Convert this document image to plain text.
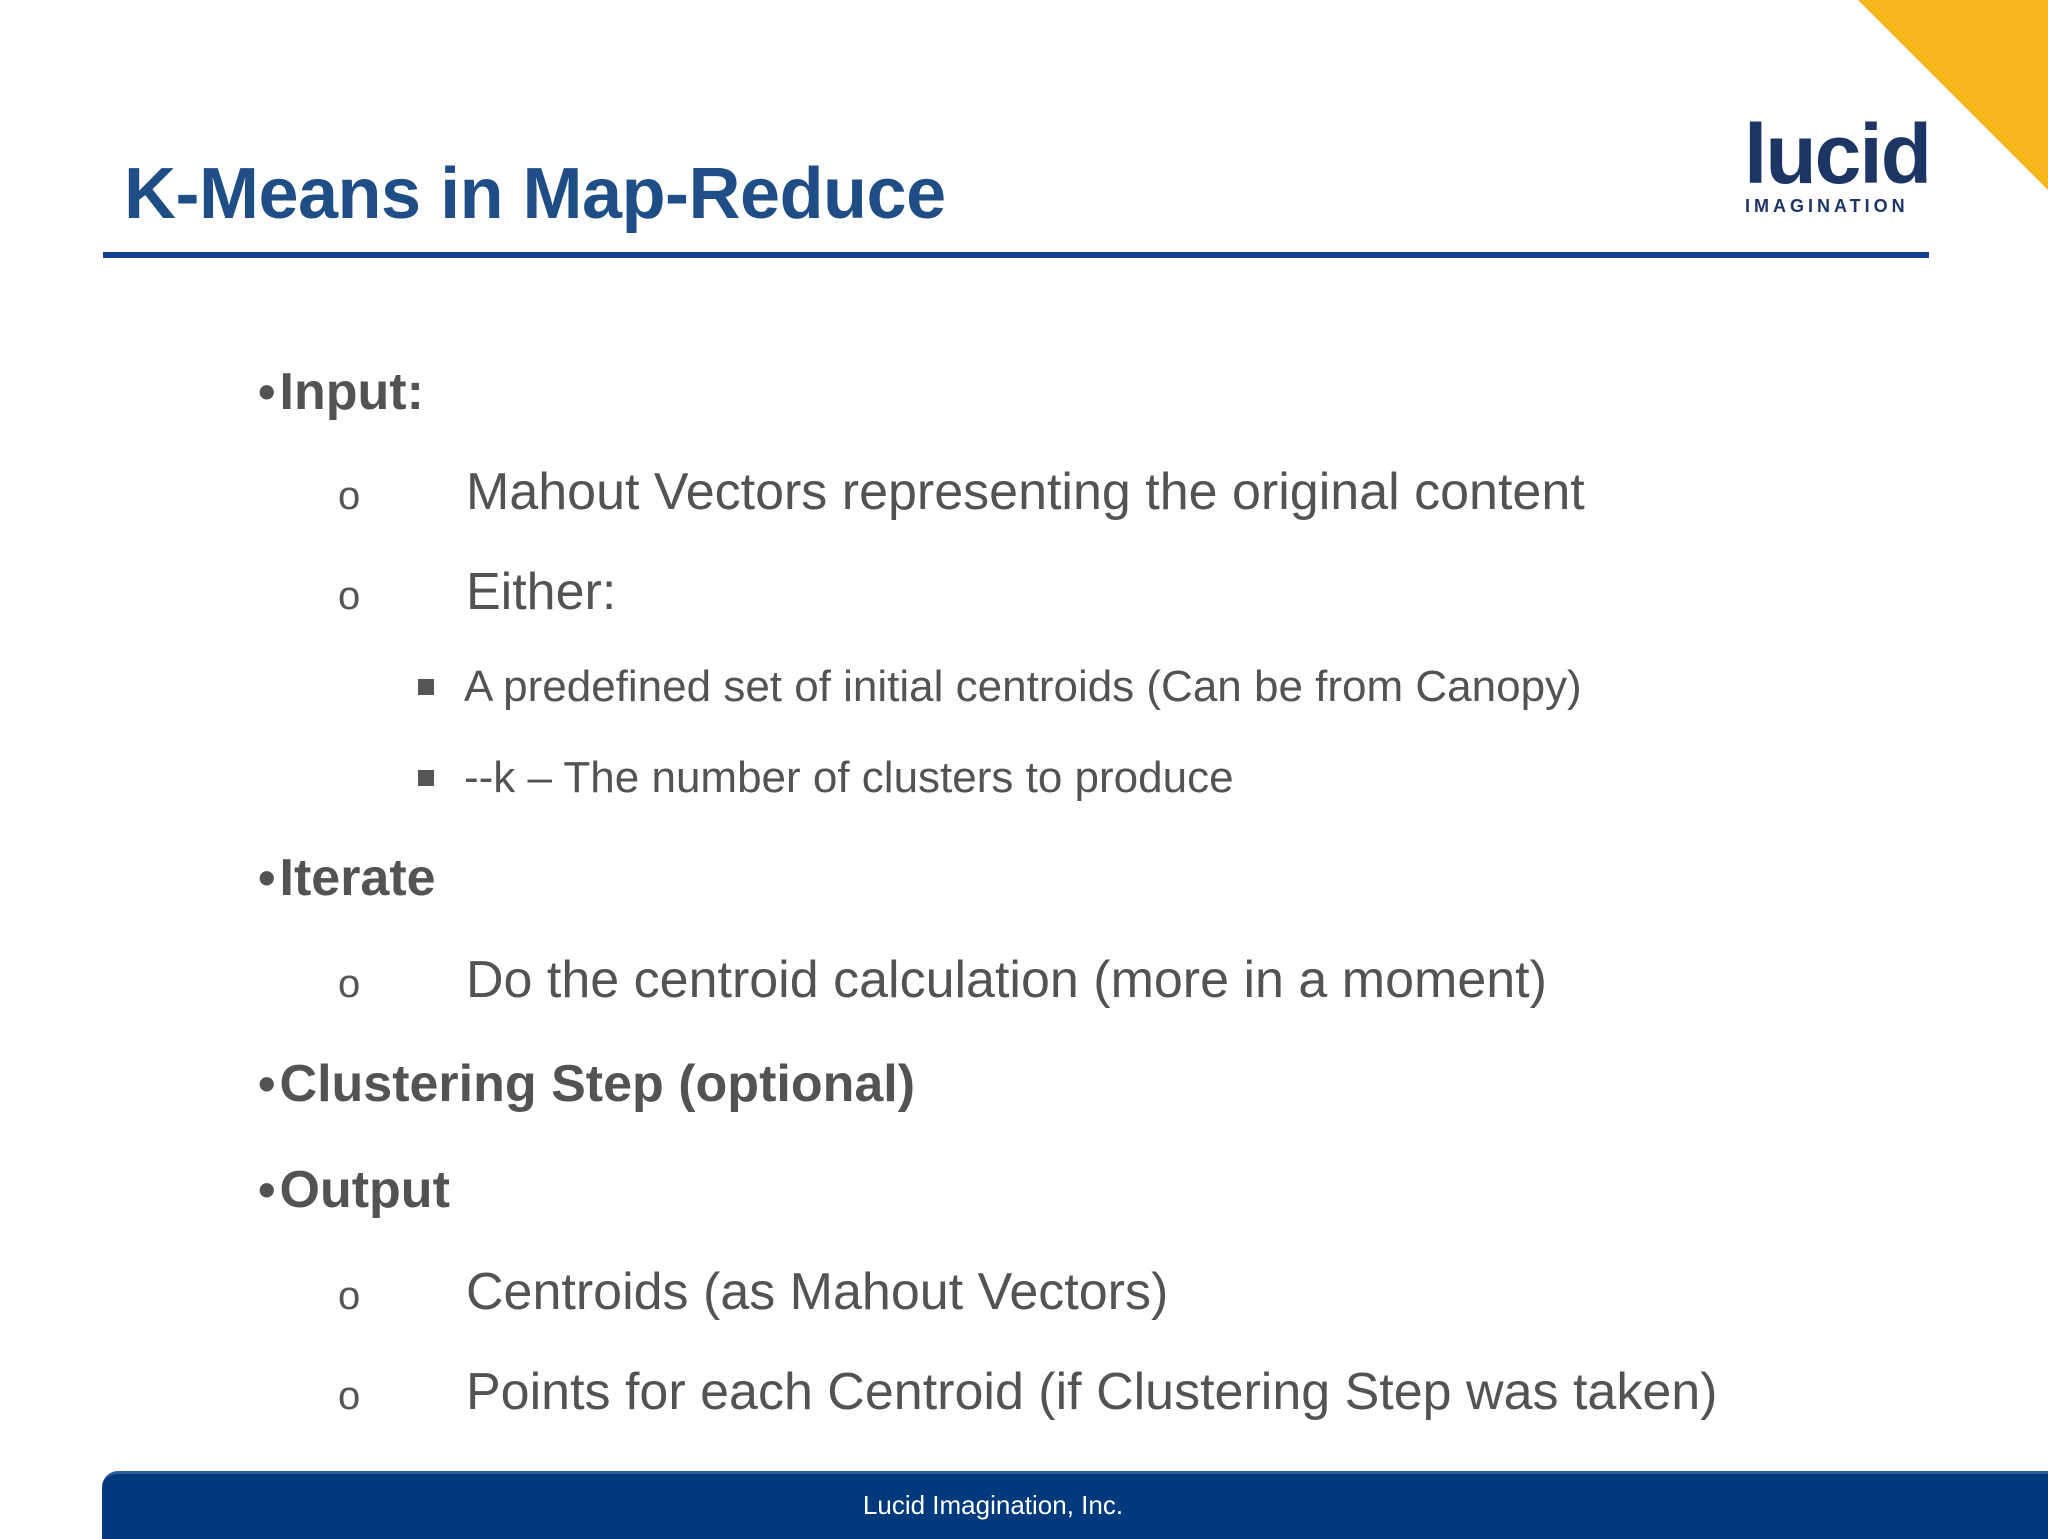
K-Means in Map-Reduce	lucid
IMAGINATION
•Input:
o Mahout Vectors representing the original content
o Either:
A predefined set of initial centroids (Can be from Canopy)
--k – The number of clusters to produce
•Iterate
o Do the centroid calculation (more in a moment)
•Clustering Step (optional)
•Output
o Centroids (as Mahout Vectors)
o Points for each Centroid (if Clustering Step was taken)
Lucid Imagination, Inc.
